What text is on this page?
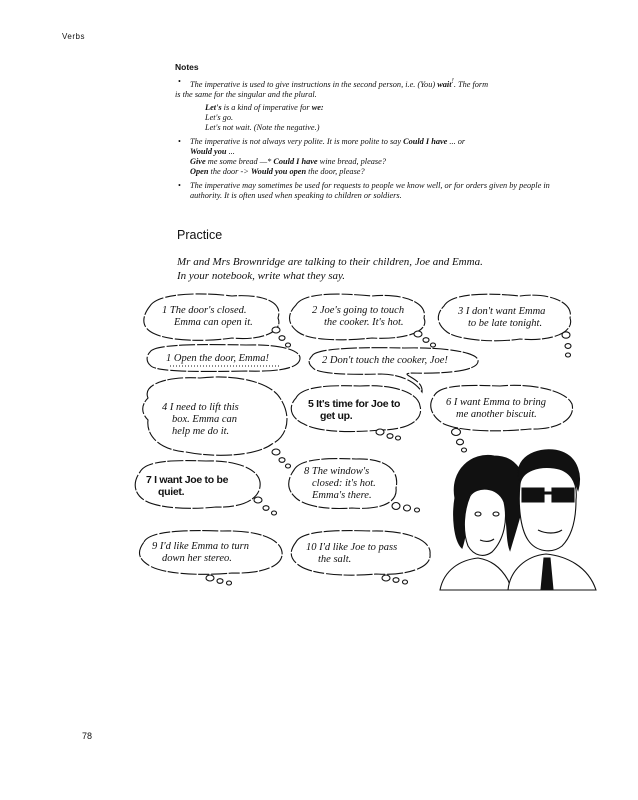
Verbs
Notes
• The imperative is used to give instructions in the second person, i.e. (You) wait!. The form
is the same for the singular and the plural.
Let's is a kind of imperative for we:
Let's go.
Let's not wait. (Note the negative.)
• The imperative is not always very polite. It is more polite to say Could I have ... or
Would you ...
Give me some bread —* Could I have wine bread, please?
Open the door -> Would you open the door, please?
• The imperative may sometimes be used for requests to people we know well, or for orders given by people in authority. It is often used when speaking to children or soldiers.
Practice
Mr and Mrs Brownridge are talking to their children, Joe and Emma.
In your notebook, write what they say.
1 The door's closed.
Emma can open it.
2 Joe's going to touch
the cooker. It's hot.
3 I don't want Emma
to be late tonight.
1 Open the door, Emma!	2 Don't touch the cooker, Joe!
4 I need to lift this
box. Emma can
help me do it.
5 It's time for Joe to
get up.
6 I want Emma to bring
me another biscuit.
7 I want Joe to be
quiet.
8 The window's
closed: it's hot.
Emma's there.
9 I'd like Emma to turn
down her stereo.
10 I'd like Joe to pass
the salt.
78
